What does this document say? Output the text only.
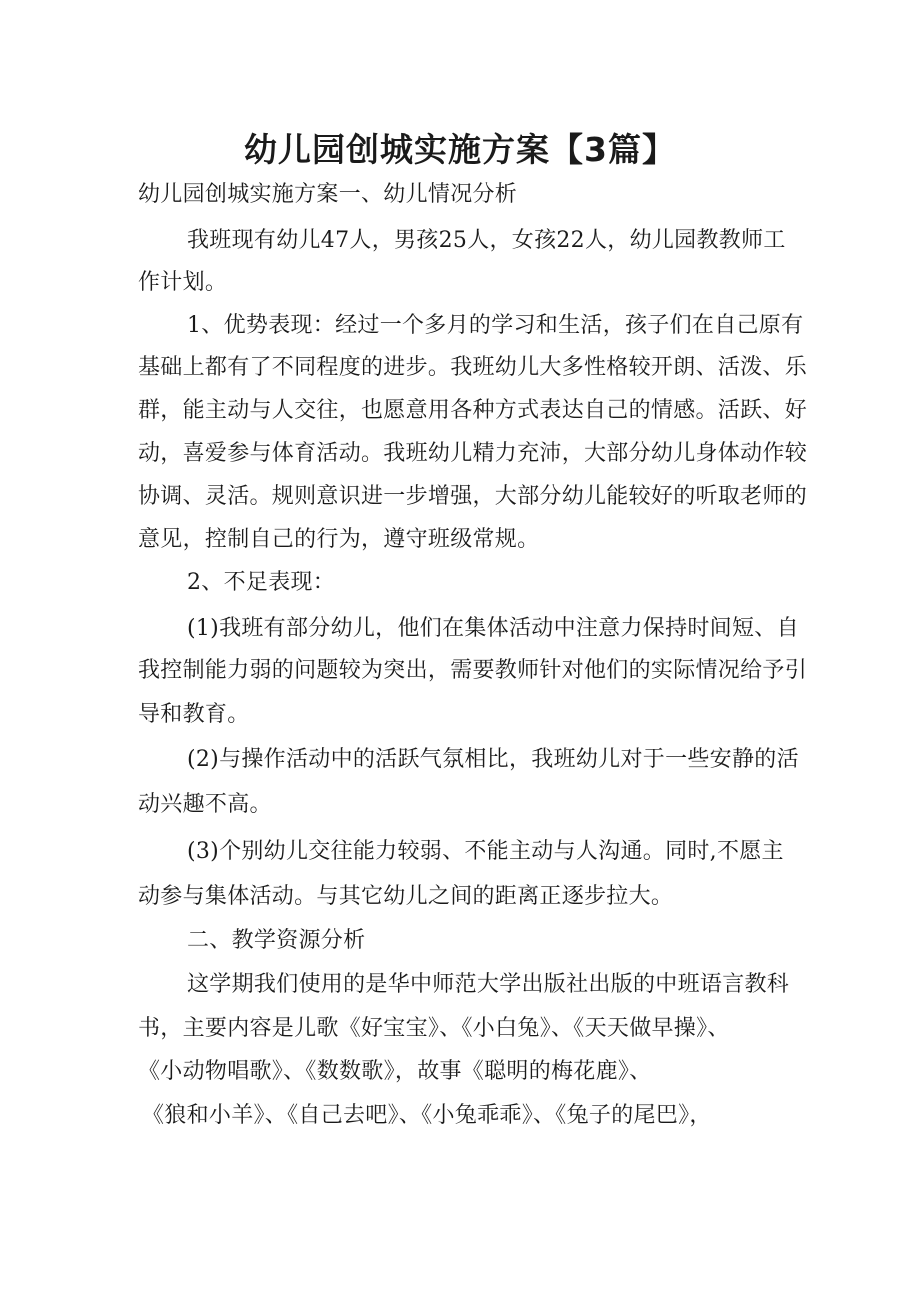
幼儿园创城实施方案【3篇】

幼儿园创城实施方案一、幼儿情况分析

我班现有幼儿47人，男孩25人，女孩22人，幼儿园教教师工

作计划。

1、优势表现：经过一个多月的学习和生活，孩子们在自己原有

基础上都有了不同程度的进步。我班幼儿大多性格较开朗、活泼、乐

群，能主动与人交往，也愿意用各种方式表达自己的情感。活跃、好

动，喜爱参与体育活动。我班幼儿精力充沛，大部分幼儿身体动作较

协调、灵活。规则意识进一步增强，大部分幼儿能较好的听取老师的

意见，控制自己的行为，遵守班级常规。

2、不足表现：

(1)我班有部分幼儿，他们在集体活动中注意力保持时间短、自

我控制能力弱的问题较为突出，需要教师针对他们的实际情况给予引

导和教育。

(2)与操作活动中的活跃气氛相比，我班幼儿对于一些安静的活

动兴趣不高。

(3)个别幼儿交往能力较弱、不能主动与人沟通。同时,不愿主

动参与集体活动。与其它幼儿之间的距离正逐步拉大。

二、教学资源分析

这学期我们使用的是华中师范大学出版社出版的中班语言教科

书，主要内容是儿歌《好宝宝》、《小白兔》、《天天做早操》、

《小动物唱歌》、《数数歌》，故事《聪明的梅花鹿》、

《狼和小羊》、《自己去吧》、《小兔乖乖》、《兔子的尾巴》，
